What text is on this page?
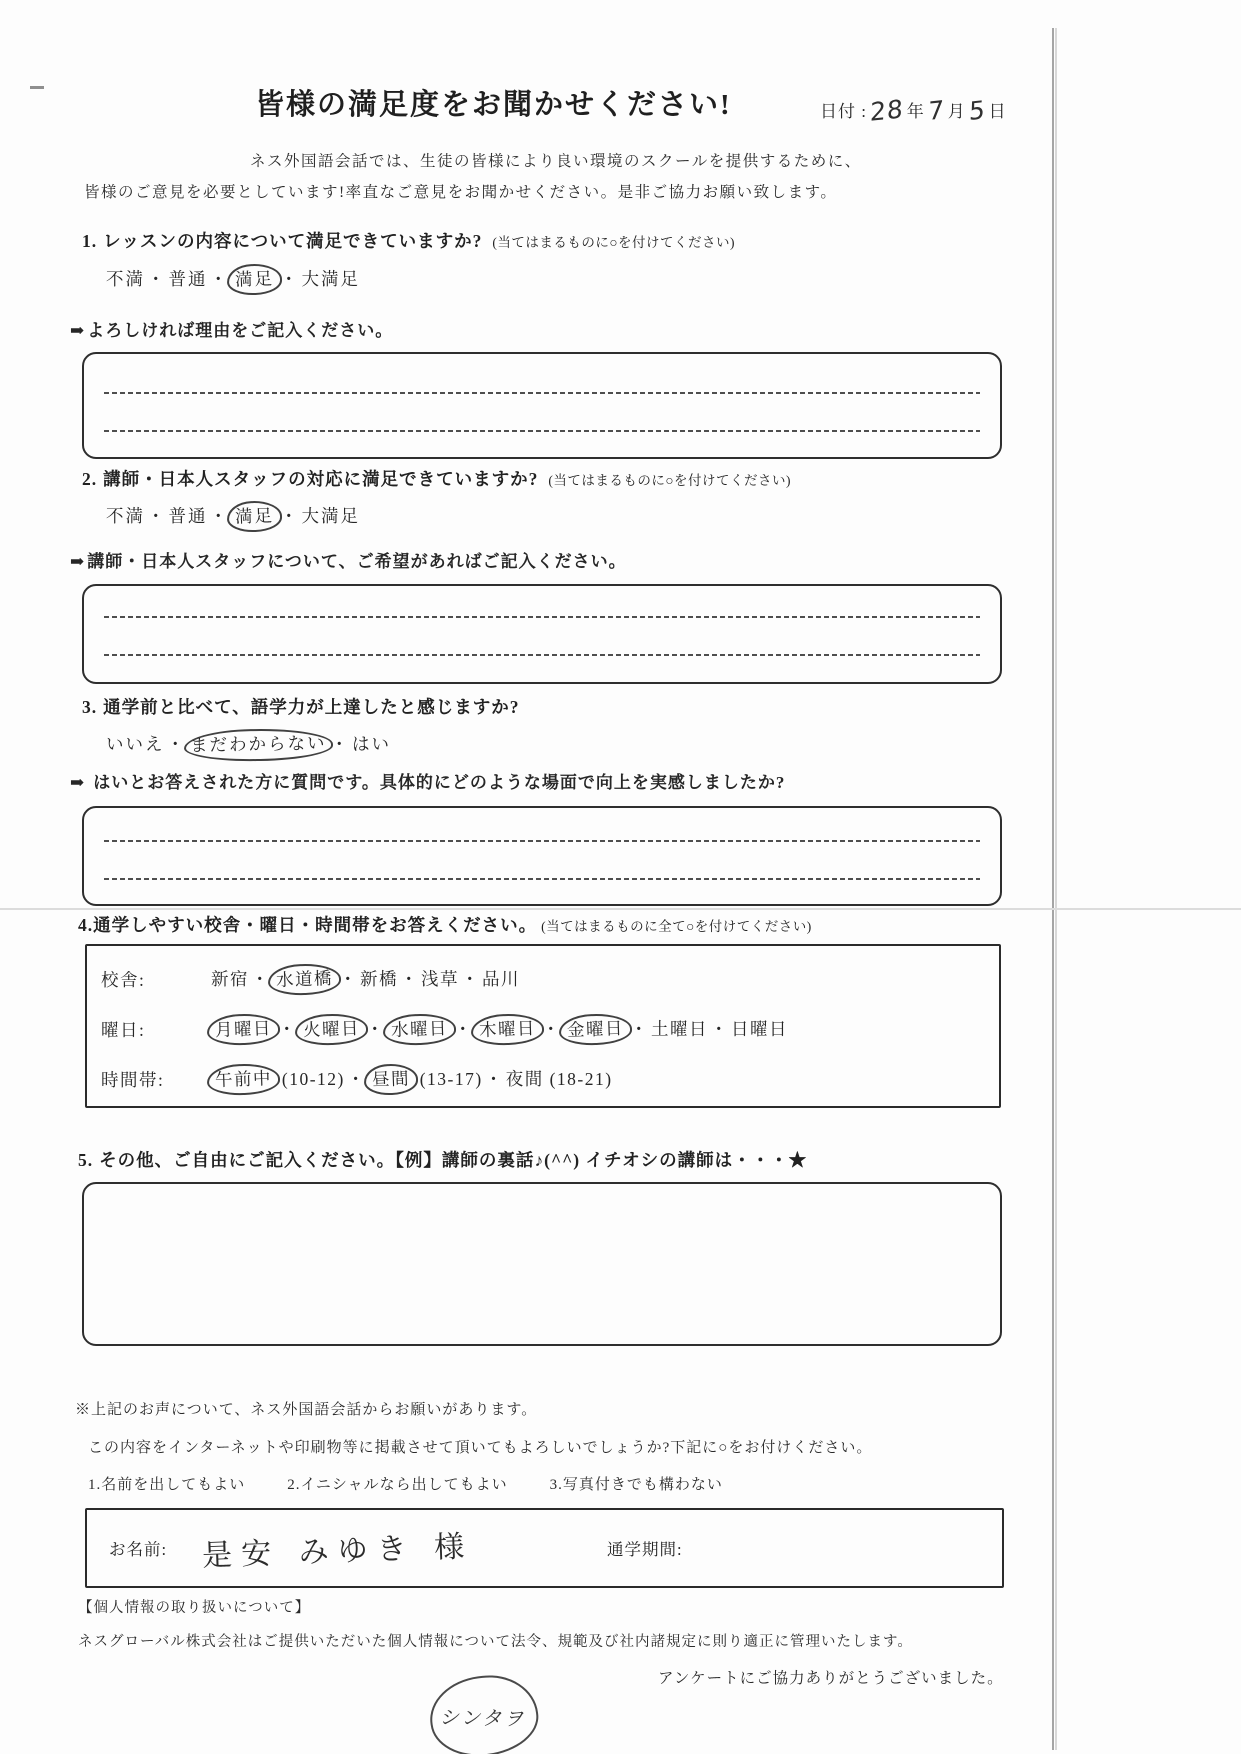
皆様の満足度をお聞かせください!	日付 : 28 年 7 月 5 日
ネス外国語会話では、生徒の皆様により良い環境のスクールを提供するために、
皆様のご意見を必要としています!率直なご意見をお聞かせください。是非ご協力お願い致します。
1. レッスンの内容について満足できていますか? (当てはまるものに○を付けてください)
不満 ・ 普通 ・ 満足 ・ 大満足
➡ よろしければ理由をご記入ください。
2. 講師・日本人スタッフの対応に満足できていますか? (当てはまるものに○を付けてください)
不満 ・ 普通 ・ 満足 ・ 大満足
➡ 講師・日本人スタッフについて、ご希望があればご記入ください。
3. 通学前と比べて、語学力が上達したと感じますか?
いいえ ・ まだわからない ・ はい
➡ はいとお答えされた方に質問です。具体的にどのような場面で向上を実感しましたか?
4.通学しやすい校舎・曜日・時間帯をお答えください。 (当てはまるものに全て○を付けてください)
校舎:	新宿 ・ 水道橋 ・ 新橋 ・ 浅草 ・ 品川
曜日:	月曜日 ・ 火曜日 ・ 水曜日 ・ 木曜日 ・ 金曜日 ・ 土曜日 ・ 日曜日
時間帯:	午前中 (10-12) ・ 昼間 (13-17) ・ 夜間 (18-21)
5. その他、ご自由にご記入ください。【例】講師の裏話♪(^^) イチオシの講師は・・・★
※上記のお声について、ネス外国語会話からお願いがあります。
この内容をインターネットや印刷物等に掲載させて頂いてもよろしいでしょうか?下記に○をお付けください。
1.名前を出してもよい	2.イニシャルなら出してもよい	3.写真付きでも構わない
お名前: 是安 みゆき 様	通学期間:
【個人情報の取り扱いについて】
ネスグローバル株式会社はご提供いただいた個人情報について法令、規範及び社内諸規定に則り適正に管理いたします。
アンケートにご協力ありがとうございました。
シンタヲ
